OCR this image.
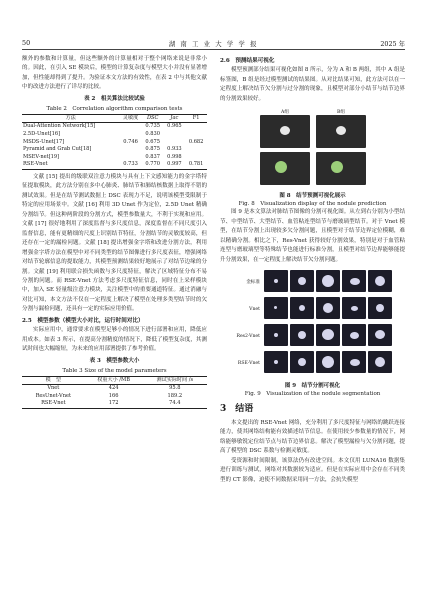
50	湖 南 工 业 大 学 学 报	2025 年

额外的参数和计算量，但这些额外的计算量相对于整个网络来说是非常小的。因此，在引入 SE 模块后，模型的计算复杂度与模型大小并没有显著增加，但性能却得到了提升。为验证本文方法的有效性，在表 2 中与其他文献中的改进方法进行了详尽的比较。

表 2　相关算法比较试验
Table 2　Correlation algorithm comparison tests
方法	灵敏度	DSC	Jac	F1
Dual-Attention Network[15]		0.735	0.965	
2.5D-Unet[16]		0.830		
MSDS-Unet[17]	0.746	0.675		0.682
Pyramid and Grab Cut[18]		0.875	0.933	
MSEV-net[19]		0.837	0.998	
RSE-Vnet	0.733	0.770	0.997	0.781

文献 [15] 提出的级联双注意力模块与具有上下文感知能力的金字塔特征提取模块，此方法分别在多中心肺炎、肺结节和肺结核数据上取得不错的测试效果。但是在结节测试数据上 DSC 表现力不足，说明该模型受限制于特定的应用场景中。文献 [16] 利用 3D Unet 作为定位，2.5D Unet 精确分割结节。但这种两阶段的分割方式，模型参数量大，不利于实现和应用。文献 [17] 很好地利用了深度监督与多尺度信息，深度监督在不同尺度引入监督信息，能有更精细的尺度上识别结节特征，分割结节的灵敏度较高，但还存在一定的漏检问题。文献 [18] 提出增强金字塔和改进分割方法，利用增强金字塔方法在模型中对不同类型的结节图像进行多尺度表征，增强网络对结节轮廓信息的提取能力，其模型预测结果较好地展示了对结节边缘的分割。文献 [19] 利用联合损失函数与多尺度特征，解决了区域特征分布不易分割的问题。而 RSE-Vnet 方法考虑多尺度特征信息，同时在上采样模块中，加入 SE 轻量级注意力模块，关注模型中的重要通道特征。通过消融与对比可知，本文方法不仅在一定程度上解决了模型在处理多类型结节时的欠分割与漏检问题，还具有一定的实际应用价值。

2.5　模型参数（模型大小对比，运行时间对比）

实际应用中，通常要求在模型足够小的情况下进行部署和应用，降低应用成本。如表 3 所示，在提高分割精度的情况下，降低了模型复杂度，其测试时间也大幅缩短，为未来的应用部署提供了参考价值。

表 3　模型参数大小
Table 3 Size of the model parameters
模　型	权重大小 /MB	测试实际时间 /s
Vnet	424	95.8
ResUnet-Vnet	166	189.2
RSE-Vnet	172	74.4
2.6　预测结果可视化

模型预测部分结果可视化如图 8 所示，分为 A 和 B 两组，其中 A 组是标签图，B 组是经过模型测试的结果图。从对比结果可知，此方法可以在一定程度上解决结节欠分割与过分割的现象，且模型对部分小结节与结节边界的分割效果较好。

A组	B组
图 8　结节预测可视化展示
Fig. 8　Visualization display of the nodule prediction

图 9 是本文算法对肺结节图像的分割可视化图。从左到右分别为小型结节、中型结节、大型结节、血管粘连型结节与磨玻璃型结节。对于 Vnet 模型，在结节分割上出现较多欠分割问题，且模型对于结节边界定位模糊，难以精确分割。相比之下，Res-Vnet 获得较好分割效果，特别是对于血管粘连型与磨玻璃型等特殊结节也能进行标准分割，且模型对结节边界能够能提升分割效果，在一定程度上解决结节欠分割问题。

金标准
Vnet
Res2-Vnet
RSE-Vnet
图 9　结节分割可视化
Fig. 9　Visualization of the nodule segmentation
3　结语

本文提出的 RSE-Vnet 网络，充分利用了多尺度特征与网络的跳跃连接能力，使其网络结构能有效描述结节信息。在使用较少参数量的情况下，网络能够敏锐定位结节点与结节边界信息。解决了模型漏检与欠分割问题，提高了模型的 DSC 系数与检测灵敏度。

受资源和时间限制，该算法仍有改进空间。本文仅用 LUNA16 数据集进行训练与测试，网络对其数据较为适应。但是在实际应用中会存在不同类型的 CT 影像，迫使不同数据采用同一方法，会抗失模型
